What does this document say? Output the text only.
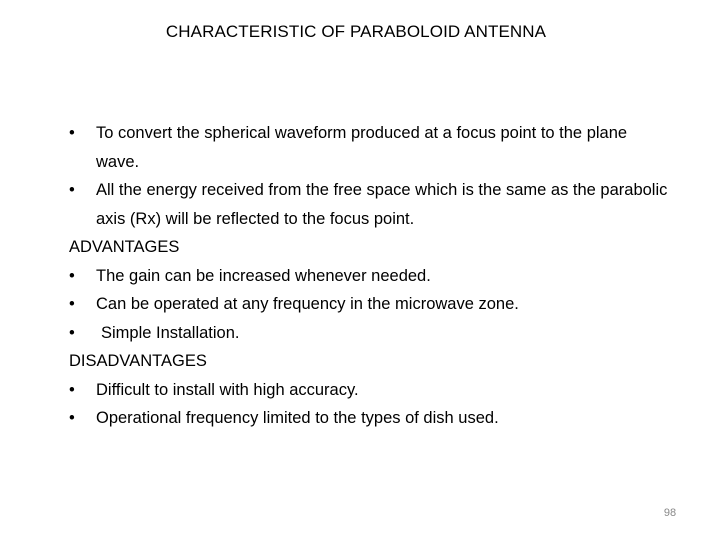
CHARACTERISTIC OF PARABOLOID ANTENNA
•	To convert the spherical waveform produced at a focus point to the plane wave.
•	All the energy received from the free space which is the same as the parabolic axis (Rx) will be reflected to the focus point.
ADVANTAGES
•	The gain can be increased whenever needed.
•	Can be operated at any frequency in the microwave zone.
•	Simple Installation.
DISADVANTAGES
•	Difficult to install with high accuracy.
•	Operational frequency limited to the types of dish used.
98
